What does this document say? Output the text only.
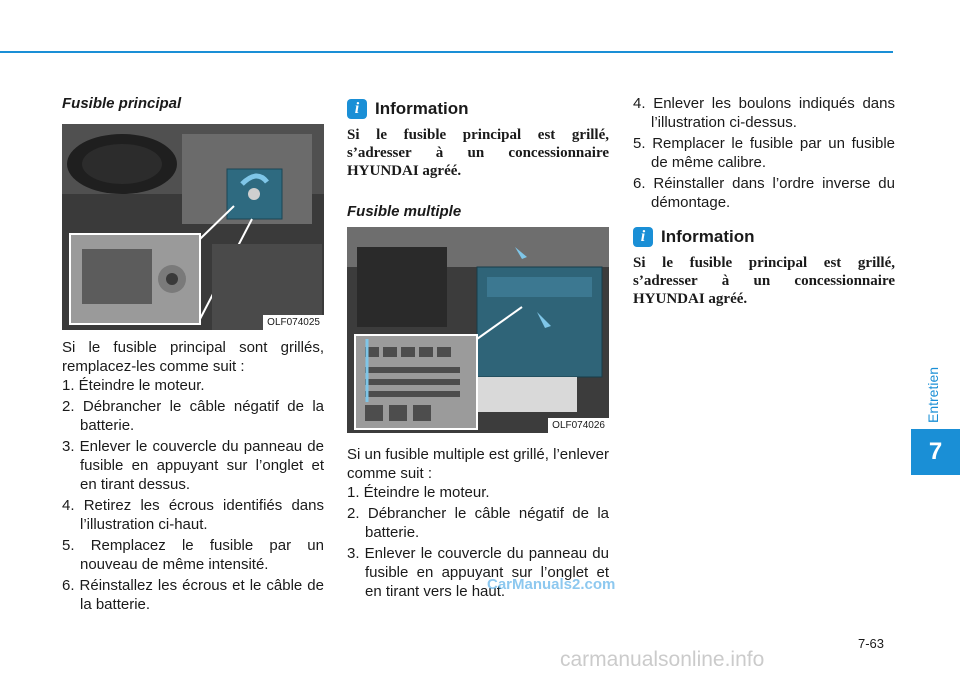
Fusible principal
OLF074025

Si le fusible principal sont grillés, remplacez-les comme suit :

1. Éteindre le moteur.
2. Débrancher le câble négatif de la batterie.
3. Enlever le couvercle du panneau de fusible en appuyant sur l’onglet et en tirant dessus.
4. Retirez les écrous identifiés dans l’illustration ci-haut.
5. Remplacez le fusible par un nouveau de même intensité.
6. Réinstallez les écrous et le câble de la batterie.
i Information

Si le fusible principal est grillé, s’adresser à un concessionnaire HYUNDAI agréé.

Fusible multiple
OLF074026

Si un fusible multiple est grillé, l’enlever comme suit :

1. Éteindre le moteur.
2. Débrancher le câble négatif de la batterie.
3. Enlever le couvercle du panneau du fusible en appuyant sur l’onglet et en tirant vers le haut.
4. Enlever les boulons indiqués dans l’illustration ci-dessus.
5. Remplacer le fusible par un fusible de même calibre.
6. Réinstaller dans l’ordre inverse du démontage.
i Information

Si le fusible principal est grillé, s’adresser à un concessionnaire HYUNDAI agréé.

Entretien
7
7-63
CarManuals2.com
carmanualsonline.info
